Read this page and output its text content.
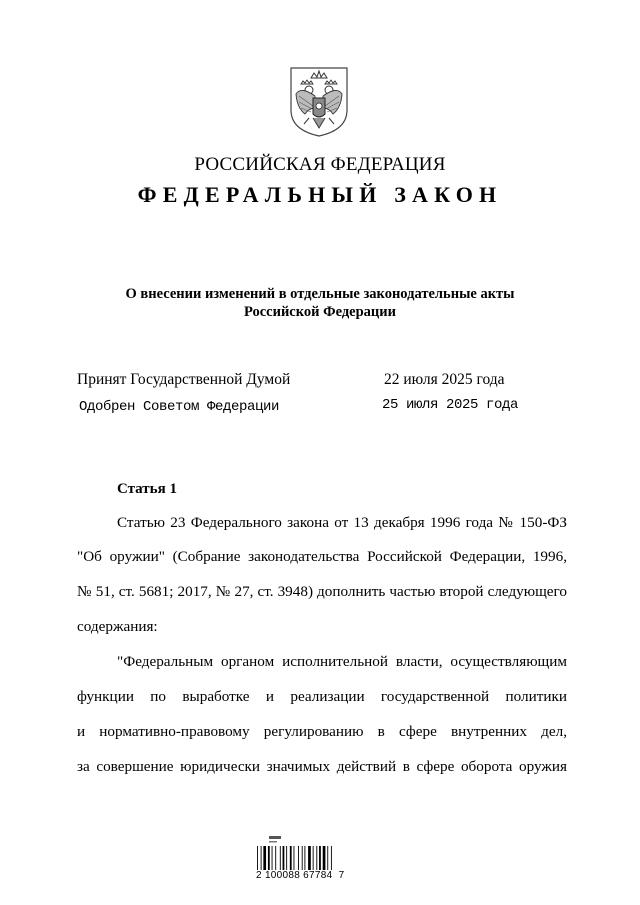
РОССИЙСКАЯ ФЕДЕРАЦИЯ
ФЕДЕРАЛЬНЫЙ ЗАКОН
О внесении изменений в отдельные законодательные акты
Российской Федерации
Принят Государственной Думой	22 июля 2025 года
Одобрен Советом Федерации	25 июля 2025 года
Статья 1
Статью 23 Федерального закона от 13 декабря 1996 года № 150-ФЗ
"Об оружии" (Собрание законодательства Российской Федерации, 1996,
№ 51, ст. 5681; 2017, № 27, ст. 3948) дополнить частью второй следующего
содержания:
"Федеральным органом исполнительной власти, осуществляющим
функции по выработке и реализации государственной политики
и нормативно-правовому регулированию в сфере внутренних дел,
за совершение юридически значимых действий в сфере оборота оружия
2 100088 67784  7
